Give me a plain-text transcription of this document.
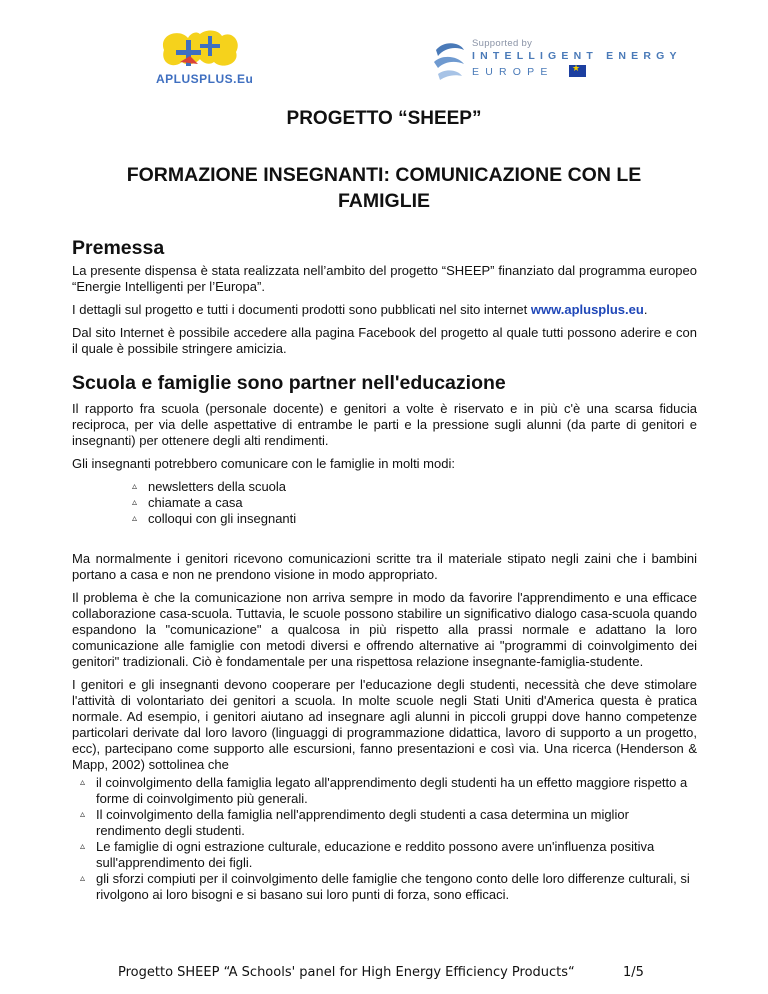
APLUSPLUS.Eu
Supported by
INTELLIGENT ENERGY
EUROPE
★
PROGETTO “SHEEP”
FORMAZIONE INSEGNANTI: COMUNICAZIONE CON LE FAMIGLIE
Premessa

La presente dispensa è stata realizzata nell’ambito del progetto “SHEEP” finanziato dal programma europeo “Energie Intelligenti per l’Europa”.

I dettagli sul progetto e tutti i documenti prodotti sono pubblicati nel sito internet www.aplusplus.eu.

Dal sito Internet è possibile accedere alla pagina Facebook del progetto al quale tutti possono aderire e con il quale è possibile stringere amicizia.

Scuola e famiglie sono partner nell'educazione

Il rapporto fra scuola (personale docente) e genitori a volte è riservato e in più c'è una scarsa fiducia reciproca, per via delle aspettative di entrambe le parti e la pressione sugli alunni (da parte di genitori e insegnanti) per ottenere degli alti rendimenti.

Gli insegnanti potrebbero comunicare con le famiglie in molti modi:

▵ newsletters della scuola
▵ chiamate a casa
▵ colloqui con gli insegnanti

Ma normalmente i genitori ricevono comunicazioni scritte tra il materiale stipato negli zaini che i bambini portano a casa e non ne prendono visione in modo appropriato.

Il problema è che la comunicazione non arriva sempre in modo da favorire l'apprendimento e una efficace collaborazione casa-scuola. Tuttavia, le scuole possono stabilire un significativo dialogo casa-scuola quando espandono la "comunicazione" a qualcosa in più rispetto alla prassi normale e adattano la loro comunicazione alle famiglie con metodi diversi e offrendo alternative ai "programmi di coinvolgimento dei genitori" tradizionali. Ciò è fondamentale per una rispettosa relazione insegnante-famiglia-studente.

I genitori e gli insegnanti devono cooperare per l'educazione degli studenti, necessità che deve stimolare l'attività di volontariato dei genitori a scuola. In molte scuole negli Stati Uniti d'America questa è pratica normale. Ad esempio, i genitori aiutano ad insegnare agli alunni in piccoli gruppi dove hanno competenze particolari derivate dal loro lavoro (linguaggi di programmazione didattica, lavoro di supporto a un progetto, ecc), partecipano come supporto alle escursioni, fanno presentazioni e così via. Una ricerca (Henderson & Mapp, 2002) sottolinea che

▵ il coinvolgimento della famiglia legato all'apprendimento degli studenti ha un effetto maggiore rispetto a forme di coinvolgimento più generali.
▵ Il coinvolgimento della famiglia nell'apprendimento degli studenti a casa determina un miglior rendimento degli studenti.
▵ Le famiglie di ogni estrazione culturale, educazione e reddito possono avere un'influenza positiva sull'apprendimento dei figli.
▵ gli sforzi compiuti per il coinvolgimento delle famiglie che tengono conto delle loro differenze culturali, si rivolgono ai loro bisogni e si basano sui loro punti di forza, sono efficaci.
Progetto SHEEP “A Schools' panel for High Energy Efficiency Products“	1/5
